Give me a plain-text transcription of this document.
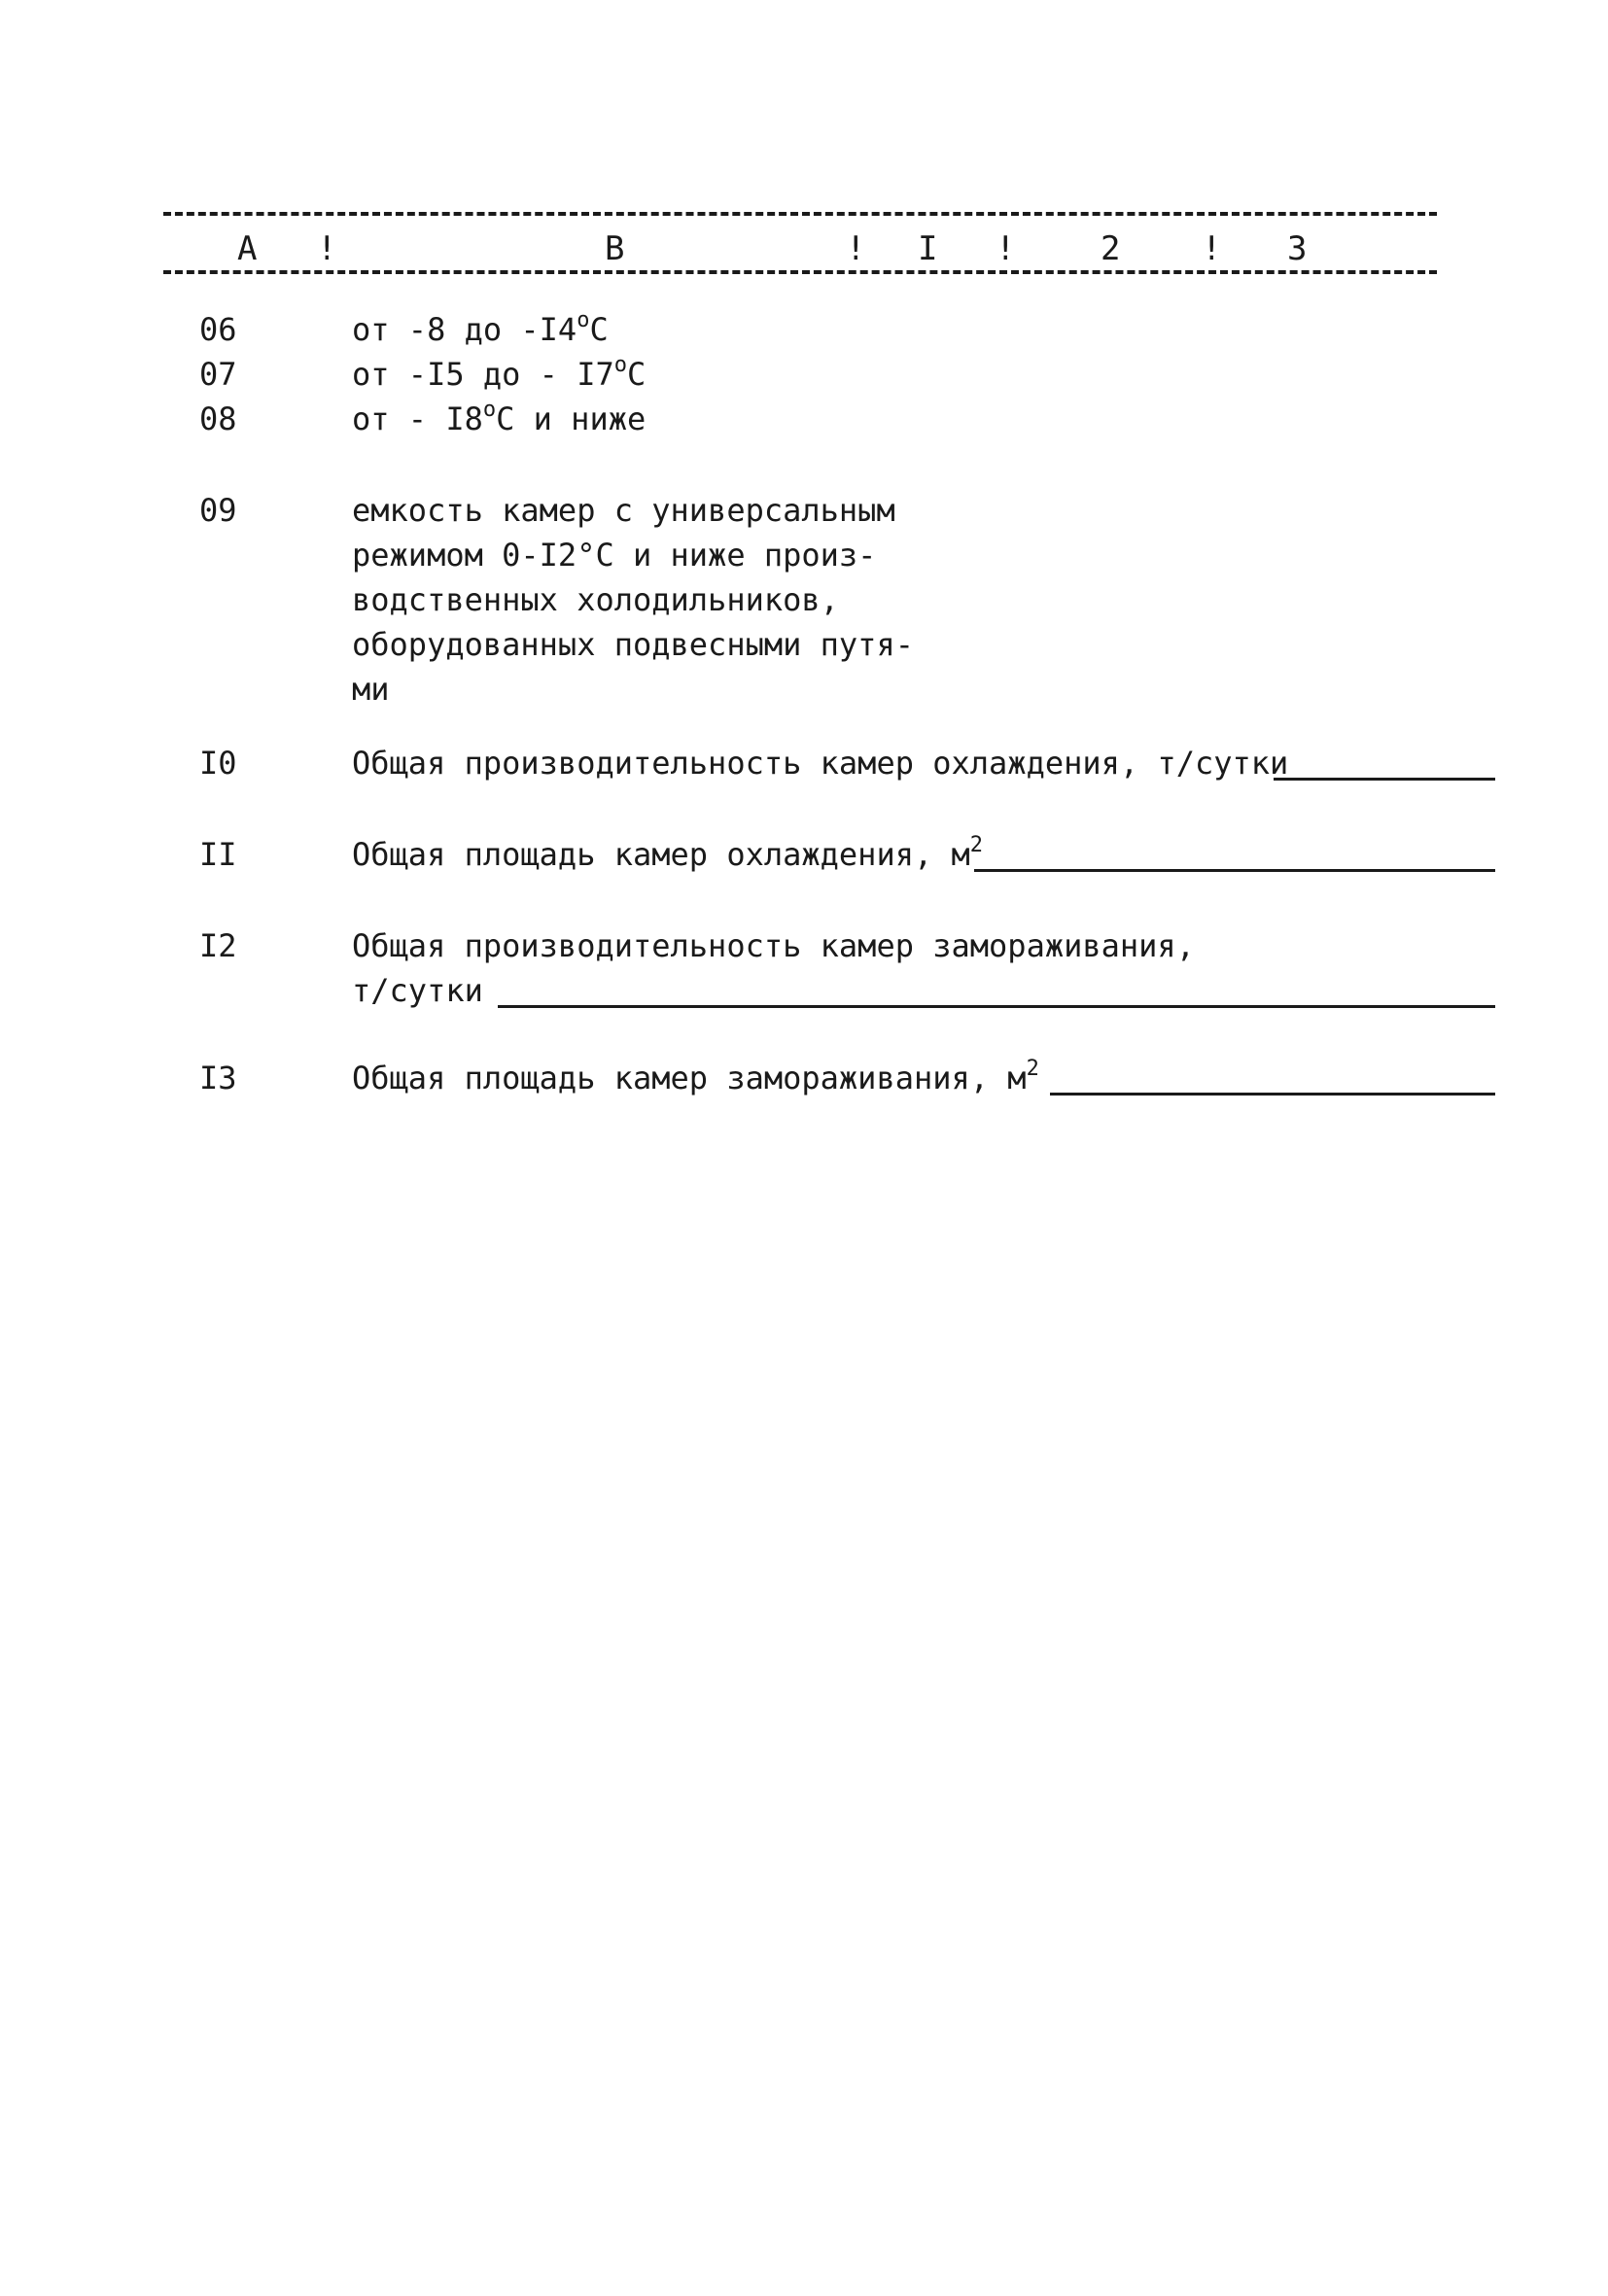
А !	В	! I !	2 ! 3
06	от -8 до $-I4^оС$
07	от -I5 до - $I7^оС$
08	от - $I8^оС$ и ниже
09	емкость камер с универсальным
режимом 0-I2°С и ниже произ-
водственных холодильников,
оборудованных подвесными путя-
ми
I0	Общая производительность камер охлаждения, т/сутки
II	Общая площадь камер охлаждения, $м^2$
I2	Общая производительность камер замораживания,
т/сутки
I3	Общая площадь камер замораживания, $м^2$
